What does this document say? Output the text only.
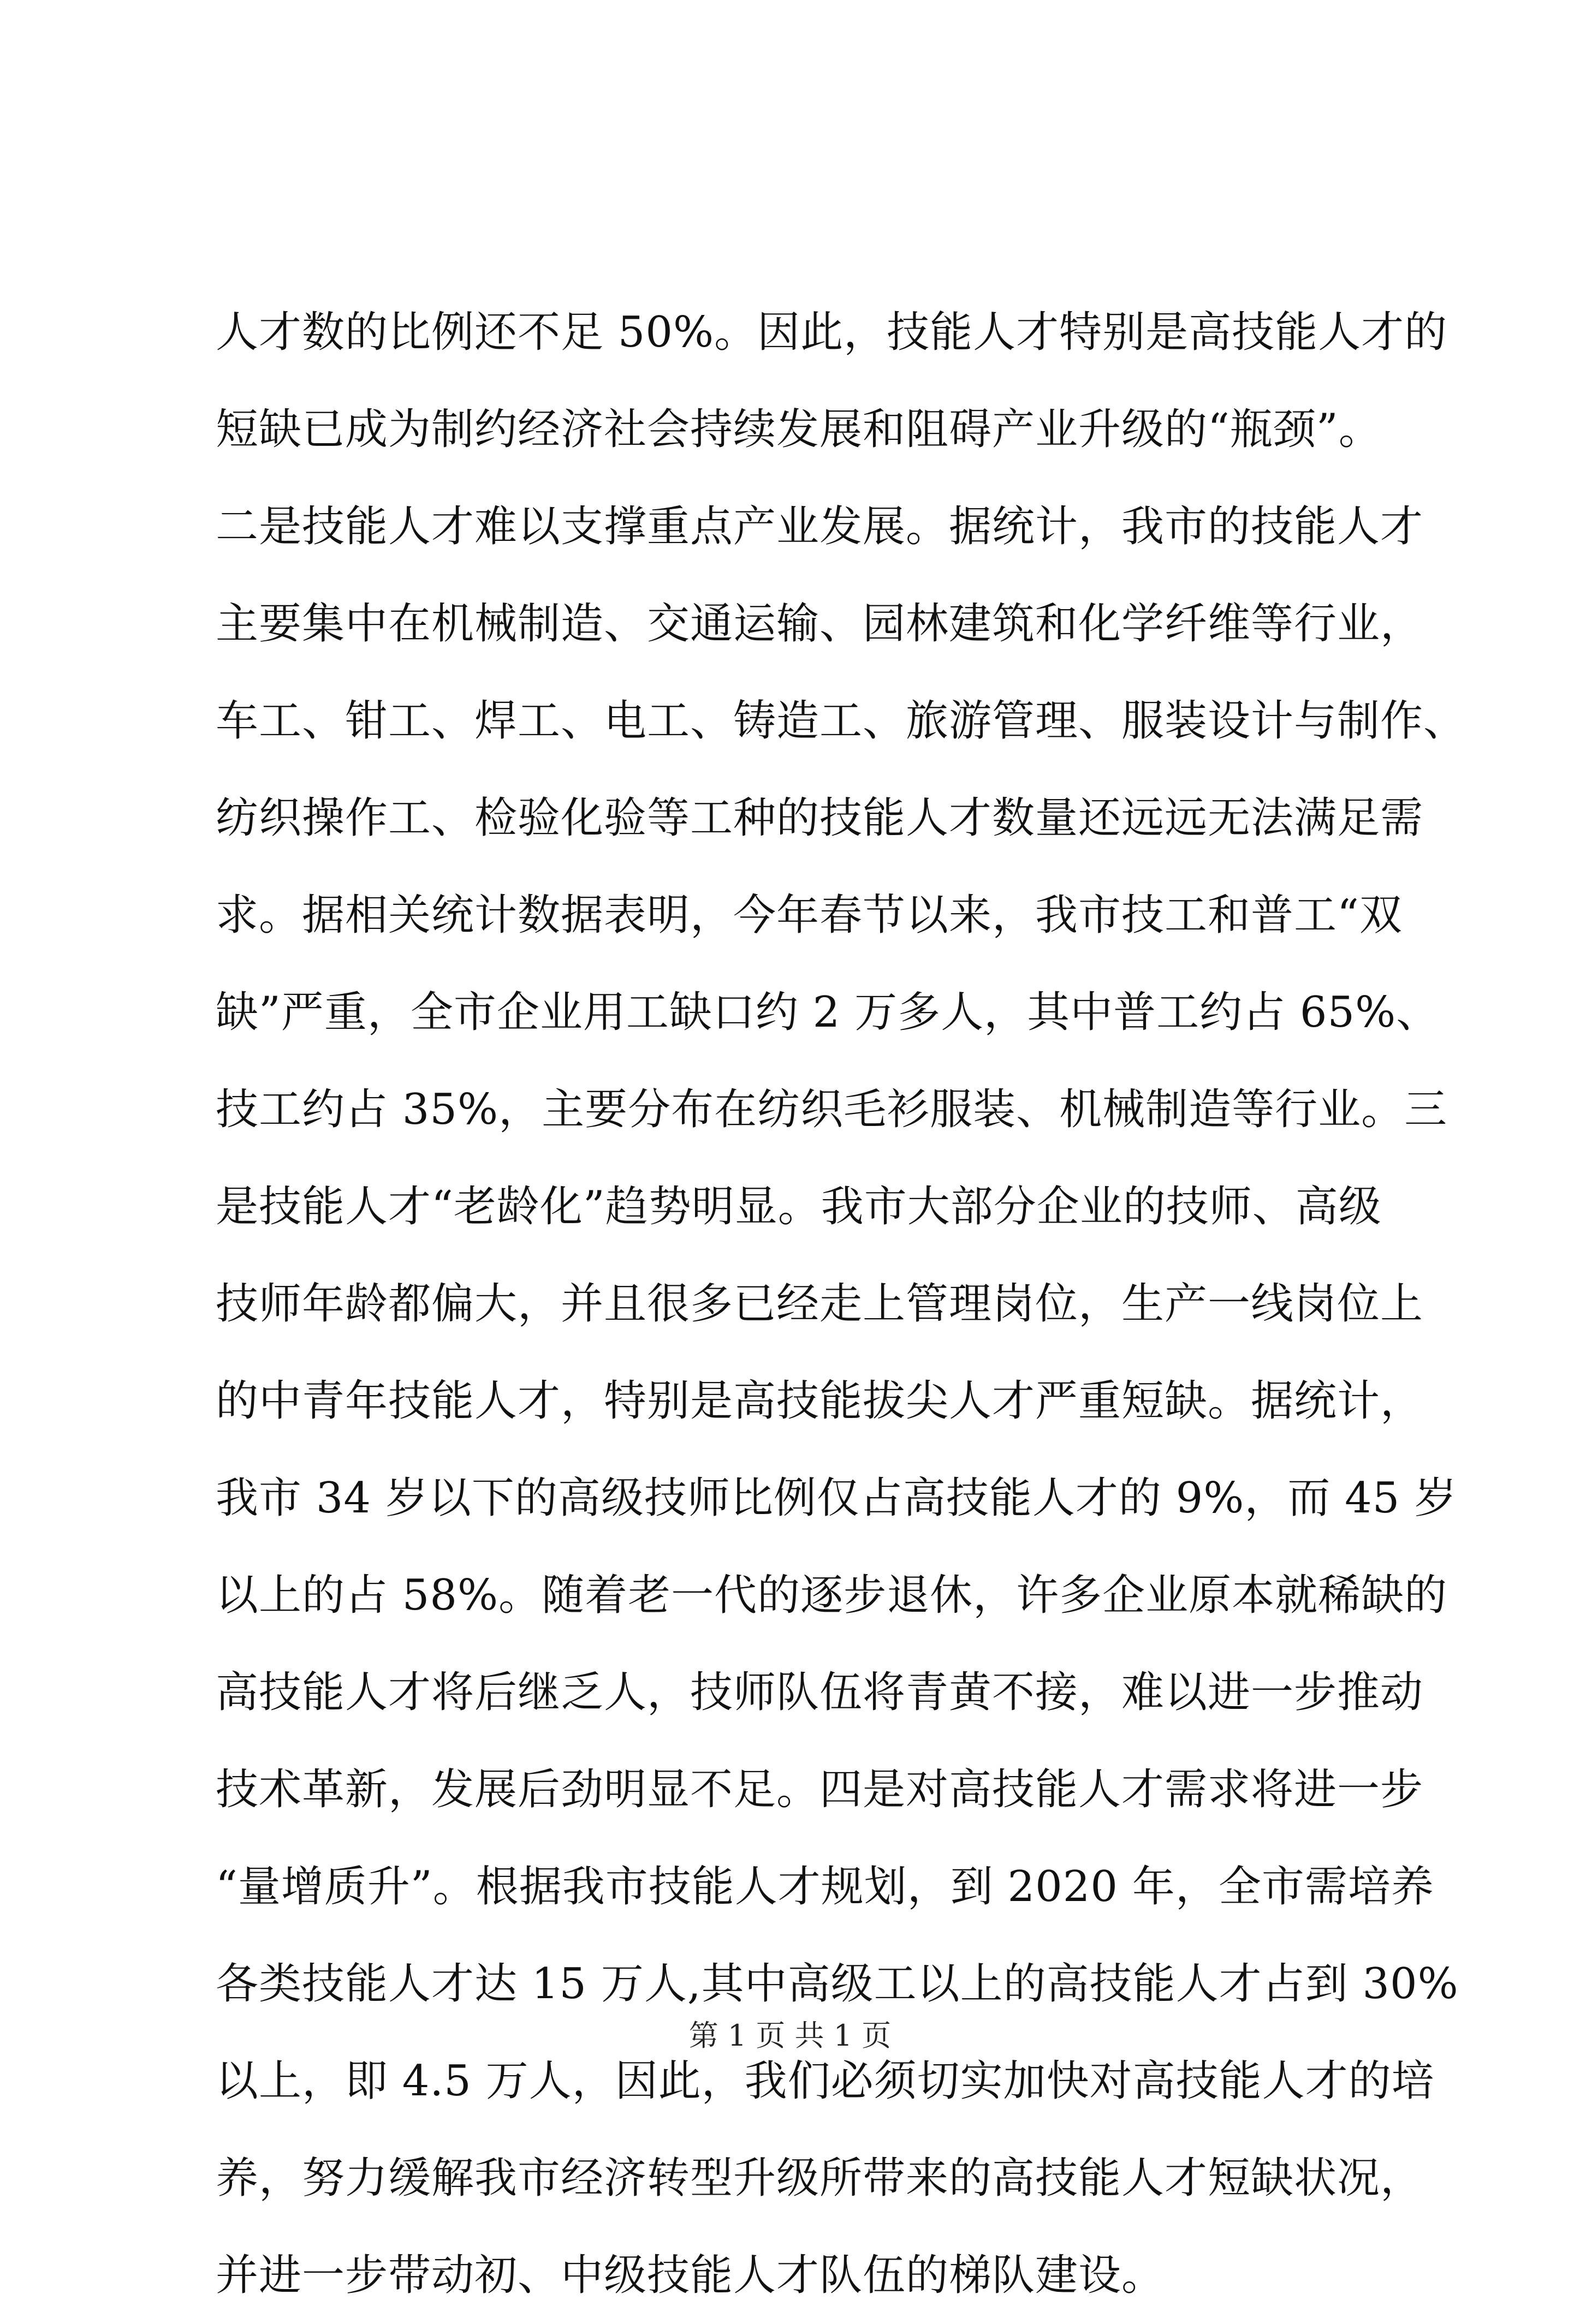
人才数的比例还不足 50%。因此，技能人才特别是高技能人才的
短缺已成为制约经济社会持续发展和阻碍产业升级的“瓶颈”。
二是技能人才难以支撑重点产业发展。据统计，我市的技能人才
主要集中在机械制造、交通运输、园林建筑和化学纤维等行业，
车工、钳工、焊工、电工、铸造工、旅游管理、服装设计与制作、
纺织操作工、检验化验等工种的技能人才数量还远远无法满足需
求。据相关统计数据表明，今年春节以来，我市技工和普工“双
缺”严重，全市企业用工缺口约 2 万多人，其中普工约占 65%、
技工约占 35%，主要分布在纺织毛衫服装、机械制造等行业。三
是技能人才“老龄化”趋势明显。我市大部分企业的技师、高级
技师年龄都偏大，并且很多已经走上管理岗位，生产一线岗位上
的中青年技能人才，特别是高技能拔尖人才严重短缺。据统计，
我市 34 岁以下的高级技师比例仅占高技能人才的 9%，而 45 岁
以上的占 58%。随着老一代的逐步退休，许多企业原本就稀缺的
高技能人才将后继乏人，技师队伍将青黄不接，难以进一步推动
技术革新，发展后劲明显不足。四是对高技能人才需求将进一步
“量增质升”。根据我市技能人才规划，到 2020 年，全市需培养
各类技能人才达 15 万人,其中高级工以上的高技能人才占到 30%
以上，即 4.5 万人，因此，我们必须切实加快对高技能人才的培
养，努力缓解我市经济转型升级所带来的高技能人才短缺状况，
并进一步带动初、中级技能人才队伍的梯队建设。
第 1 页 共 1 页
